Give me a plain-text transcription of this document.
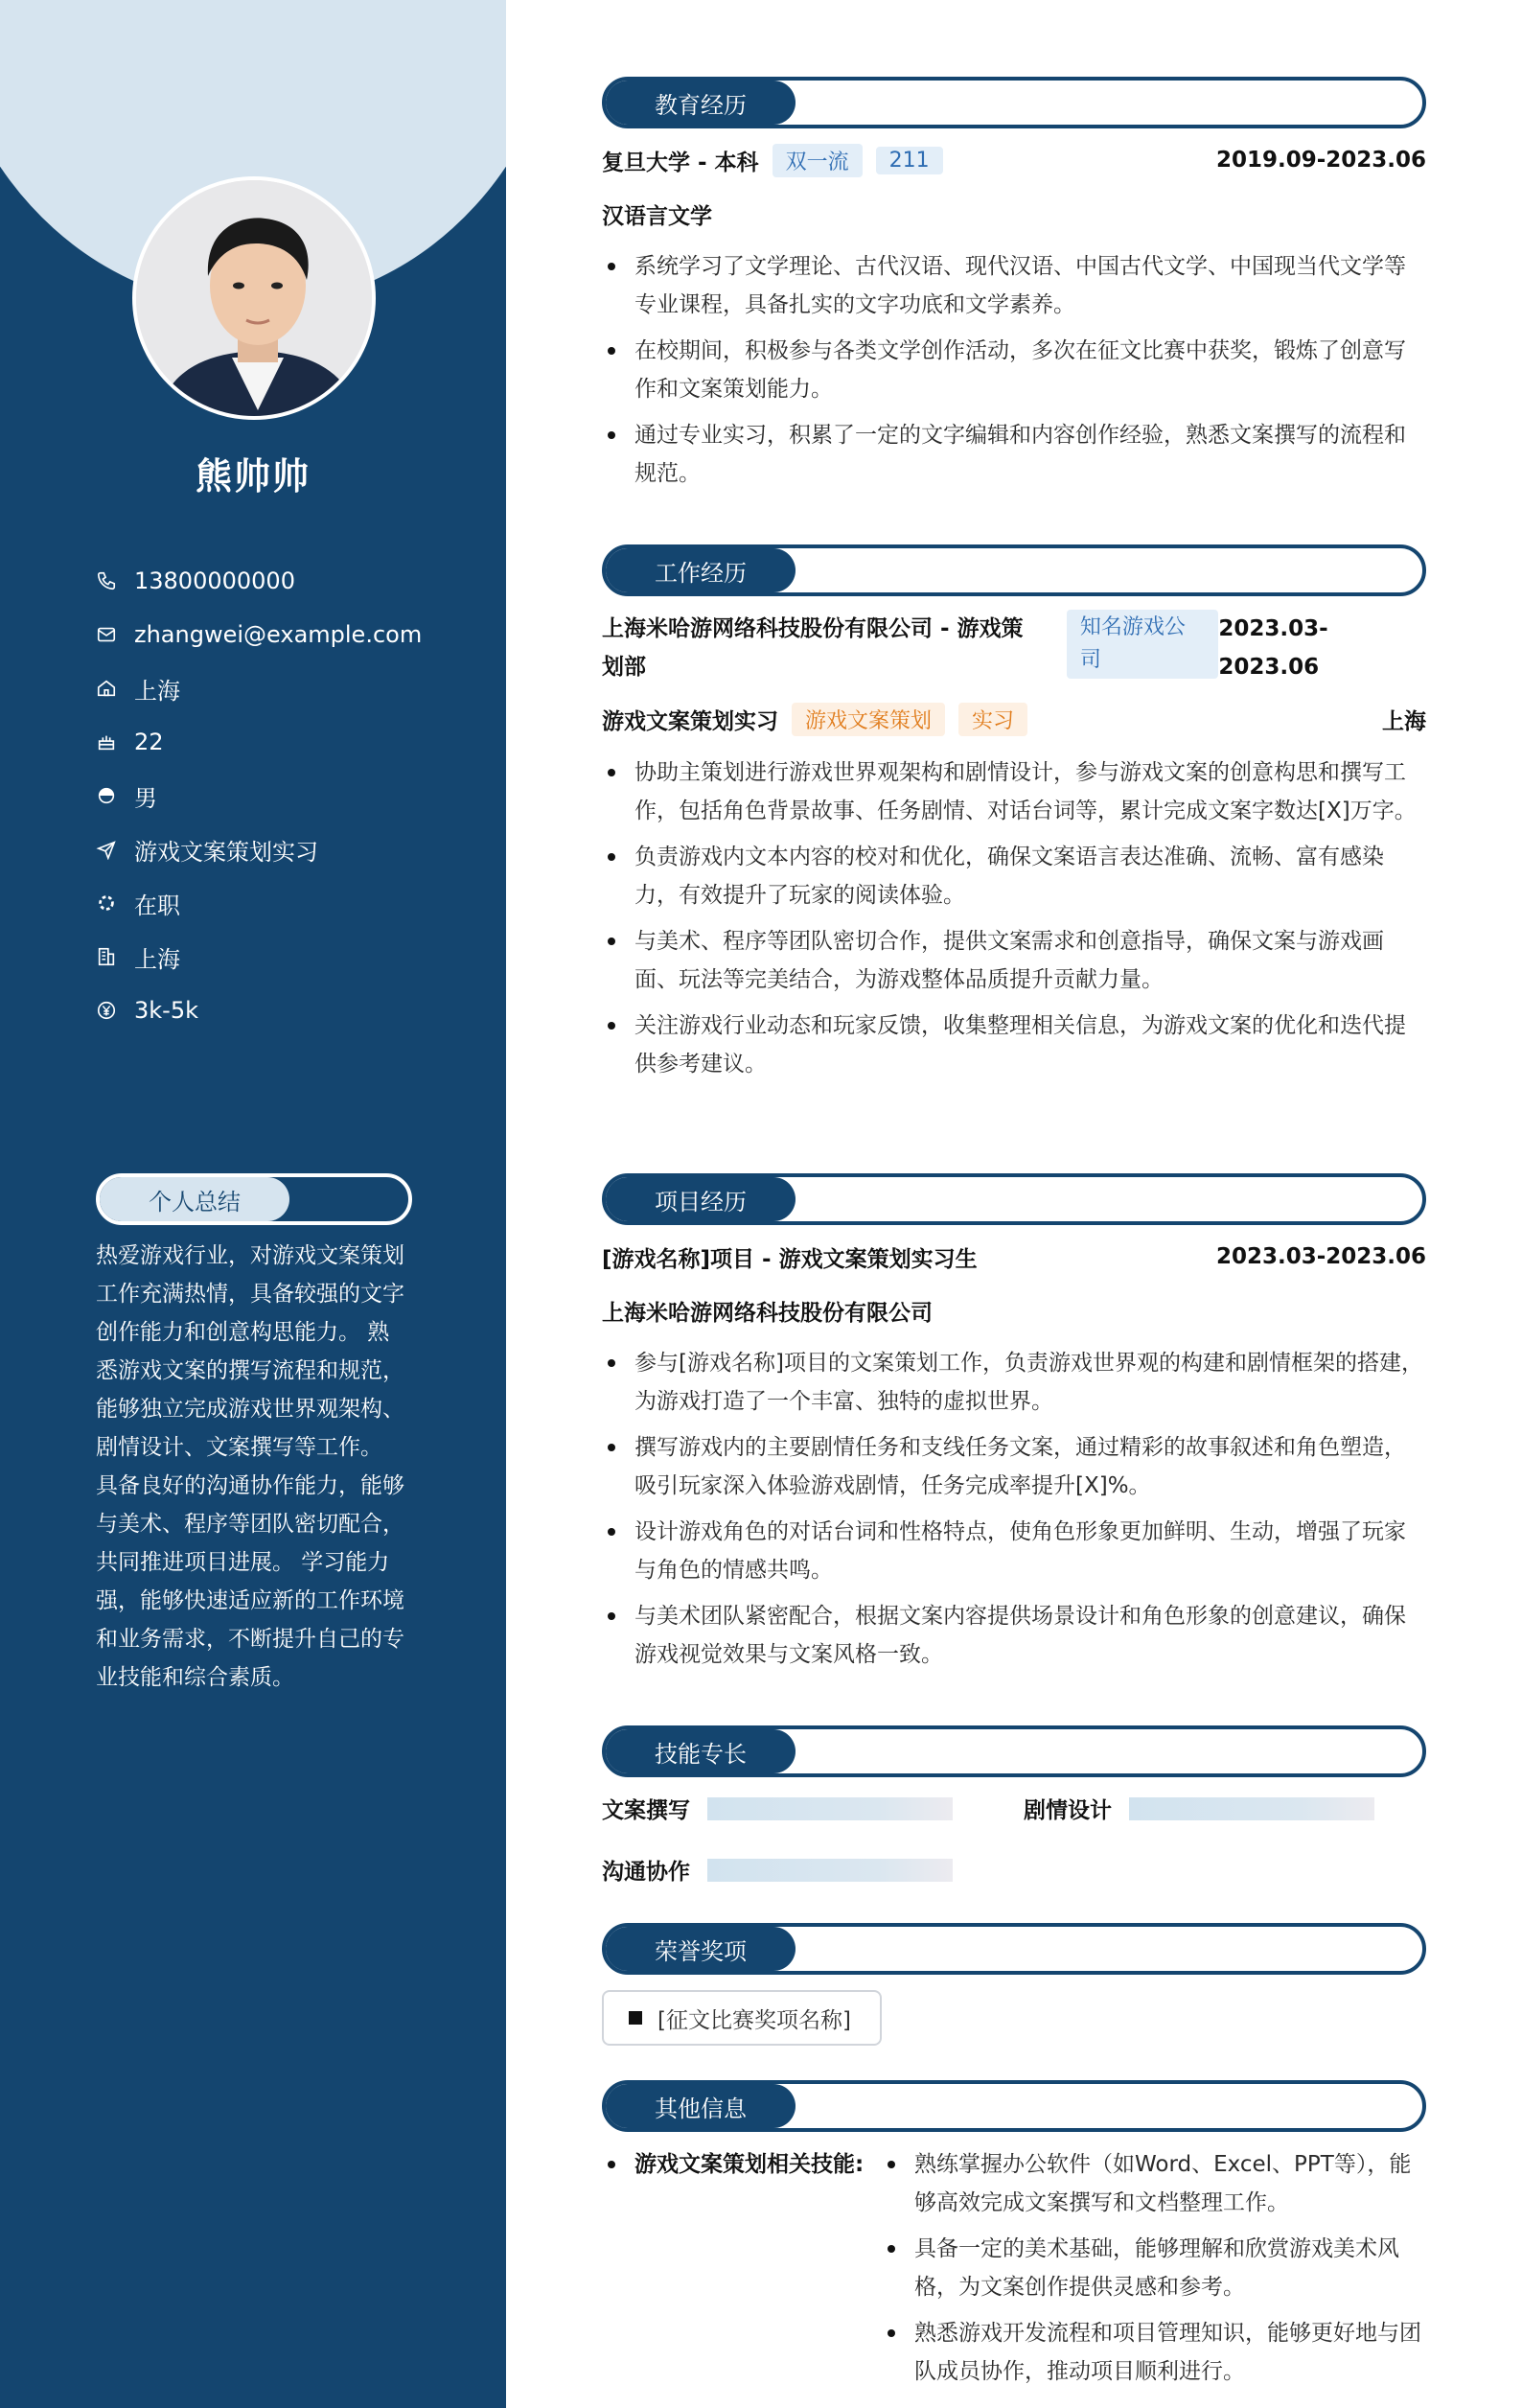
熊帅帅
13800000000
zhangwei@example.com
上海
22
男
游戏文案策划实习
在职
上海
3k-5k
个人总结
热爱游戏行业，对游戏文案策划工作充满热情，具备较强的文字创作能力和创意构思能力。 熟悉游戏文案的撰写流程和规范，能够独立完成游戏世界观架构、剧情设计、文案撰写等工作。 具备良好的沟通协作能力，能够与美术、程序等团队密切配合，共同推进项目进展。 学习能力强，能够快速适应新的工作环境和业务需求，不断提升自己的专业技能和综合素质。
教育经历
复旦大学 - 本科	双一流	211	2019.09-2023.06
汉语言文学
系统学习了文学理论、古代汉语、现代汉语、中国古代文学、中国现当代文学等专业课程，具备扎实的文字功底和文学素养。
在校期间，积极参与各类文学创作活动，多次在征文比赛中获奖，锻炼了创意写作和文案策划能力。
通过专业实习，积累了一定的文字编辑和内容创作经验，熟悉文案撰写的流程和规范。
工作经历
上海米哈游网络科技股份有限公司 - 游戏策划部
知名游戏公司
2023.03-2023.06
游戏文案策划实习	游戏文案策划	实习	上海
协助主策划进行游戏世界观架构和剧情设计，参与游戏文案的创意构思和撰写工作，包括角色背景故事、任务剧情、对话台词等，累计完成文案字数达[X]万字。
负责游戏内文本内容的校对和优化，确保文案语言表达准确、流畅、富有感染力，有效提升了玩家的阅读体验。
与美术、程序等团队密切合作，提供文案需求和创意指导，确保文案与游戏画面、玩法等完美结合，为游戏整体品质提升贡献力量。
关注游戏行业动态和玩家反馈，收集整理相关信息，为游戏文案的优化和迭代提供参考建议。
项目经历
[游戏名称]项目 - 游戏文案策划实习生	2023.03-2023.06
上海米哈游网络科技股份有限公司
参与[游戏名称]项目的文案策划工作，负责游戏世界观的构建和剧情框架的搭建，为游戏打造了一个丰富、独特的虚拟世界。
撰写游戏内的主要剧情任务和支线任务文案，通过精彩的故事叙述和角色塑造，吸引玩家深入体验游戏剧情，任务完成率提升[X]%。
设计游戏角色的对话台词和性格特点，使角色形象更加鲜明、生动，增强了玩家与角色的情感共鸣。
与美术团队紧密配合，根据文案内容提供场景设计和角色形象的创意建议，确保游戏视觉效果与文案风格一致。
技能专长
文案撰写	剧情设计
沟通协作
荣誉奖项
[征文比赛奖项名称]
其他信息
游戏文案策划相关技能:	熟练掌握办公软件（如Word、Excel、PPT等），能够高效完成文案撰写和文档整理工作。
具备一定的美术基础，能够理解和欣赏游戏美术风格，为文案创作提供灵感和参考。
熟悉游戏开发流程和项目管理知识，能够更好地与团队成员协作，推动项目顺利进行。
